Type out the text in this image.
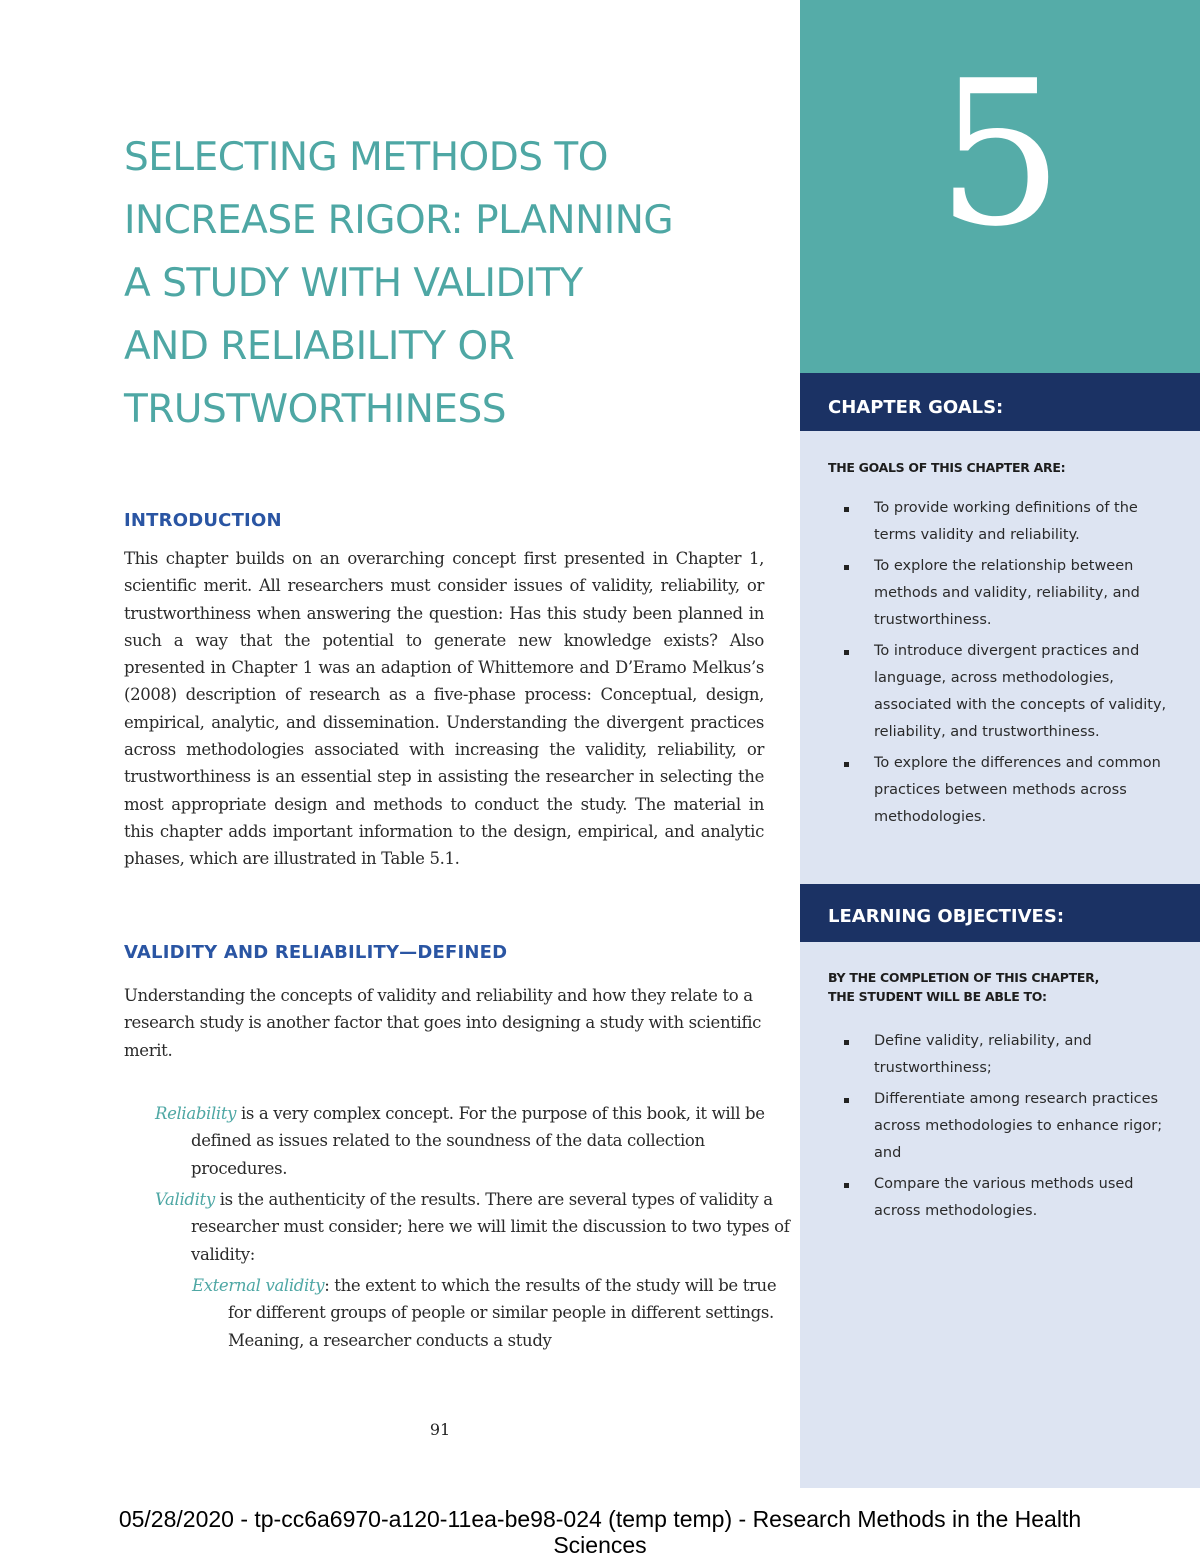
5
CHAPTER GOALS:
THE GOALS OF THIS CHAPTER ARE:
To provide working definitions of the terms validity and reliability.
To explore the relationship between methods and validity, reliability, and trustworthiness.
To introduce divergent practices and language, across methodologies, associated with the concepts of validity, reliability, and trustworthiness.
To explore the differences and common practices between methods across methodologies.
LEARNING OBJECTIVES:
BY THE COMPLETION OF THIS CHAPTER,
THE STUDENT WILL BE ABLE TO:
Define validity, reliability, and trustworthiness;
Differentiate among research practices across methodologies to enhance rigor; and
Compare the various methods used across methodologies.
SELECTING METHODS TO
INCREASE RIGOR: PLANNING
A STUDY WITH VALIDITY
AND RELIABILITY OR
TRUSTWORTHINESS
INTRODUCTION

This chapter builds on an overarching concept first presented in Chapter 1, scientific merit. All researchers must consider issues of validity, reliability, or trustworthiness when answering the question: Has this study been planned in such a way that the potential to generate new knowledge exists? Also presented in Chapter 1 was an adaption of Whittemore and D’Eramo Melkus’s (2008) description of research as a five-phase process: Conceptual, design, empirical, analytic, and dissemination. Understanding the divergent practices across methodologies associated with increasing the validity, reliability, or trustworthiness is an essential step in assisting the researcher in selecting the most appropriate design and methods to conduct the study. The material in this chapter adds important information to the design, empirical, and analytic phases, which are illustrated in Table 5.1.

VALIDITY AND RELIABILITY—DEFINED

Understanding the concepts of validity and reliability and how they relate to a research study is another factor that goes into designing a study with scientific merit.

Reliability is a very complex concept. For the purpose of this book, it will be defined as issues related to the soundness of the data collection procedures.

Validity is the authenticity of the results. There are several types of validity a researcher must consider; here we will limit the discussion to two types of validity:

External validity: the extent to which the results of the study will be true for different groups of people or similar people in different settings. Meaning, a researcher conducts a study

91
05/28/2020 - tp-cc6a6970-a120-11ea-be98-024 (temp temp) - Research Methods in the Health
Sciences
